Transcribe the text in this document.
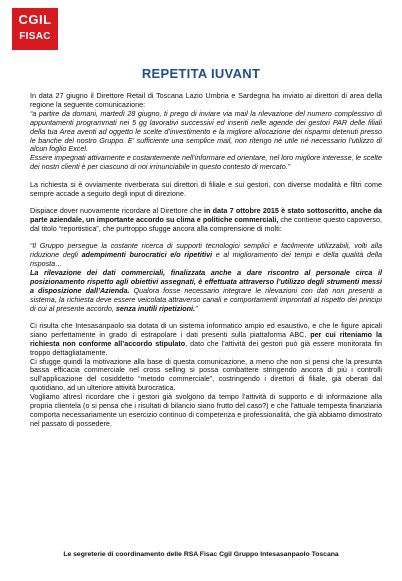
CGIL
FISAC
REPETITA IUVANT

In data 27 giugno il Direttore Retail di Toscana Lazio Umbria e Sardegna ha inviato ai direttori di area della regione la seguente comunicazione:

“a partire da domani, martedì 28 giugno, ti prego di inviare via mail la rilevazione del numero complessivo di appuntamenti programmati nei 5 gg lavorativi successivi ed inseriti nelle agende dei gestori PAR delle filiali della tua Area aventi ad oggetto le scelte d’investimento e la migliore allocazione dei risparmi detenuti presso le banche del nostro Gruppo. E’ sufficiente una semplice mail, non ritengo né utile né necessario l’utilizzo di alcun foglio Excel.

Essere impegnati attivamente e costantemente nell’informare ed orientare, nel loro migliore interesse, le scelte dei nostri clienti è per ciascuno di noi irrinunciabile in questo contesto di mercato.”

La richiesta si è ovviamente riverberata sui direttori di filiale e sui gestori, con diverse modalità e filtri come sempre accade a seguito degli input di direzione.

Dispiace dover nuovamente ricordare al Direttore che in data 7 ottobre 2015 è stato sottoscritto, anche da parte aziendale, un importante accordo su clima e politiche commerciali, che contiene questo capoverso, dal titolo “reportistica”, che purtroppo sfugge ancora alla comprensione di molti:

“Il Gruppo persegue la costante ricerca di supporti tecnologici semplici e facilmente utilizzabili, volti alla riduzione degli adempimenti burocratici e/o ripetitivi e al miglioramento dei tempi e della qualità della risposta…

La rilevazione dei dati commerciali, finalizzata anche a dare riscontro al personale circa il posizionamento rispetto agli obiettivi assegnati, è effettuata attraverso l’utilizzo degli strumenti messi a disposizione dall’Azienda. Qualora fosse necessario integrare le rilevazioni con dati non presenti a sistema, la richiesta deve essere veicolata attraverso canali e comportamenti improntati al rispetto dei principi di cui al presente accordo, senza inutili ripetizioni.”

Ci risulta che Intesasanpaolo sia dotata di un sistema informatico ampio ed esaustivo, e che le figure apicali siano perfettamente in grado di estrapolare i dati presenti sulla piattaforma ABC, per cui riteniamo la richiesta non conforme all’accordo stipulato, dato che l’attività dei gestori può già essere monitorata fin troppo dettagliatamente.

Ci sfugge quindi la motivazione alla base di questa comunicazione, a meno che non si pensi che la presunta bassa efficacia commerciale nel cross selling si possa combattere stringendo ancora di più i controlli sull’applicazione del cosiddetto “metodo commerciale”, costringendo i direttori di filiale, già oberati dal quotidiano, ad un ulteriore attività burocratica.

Vogliamo altresì ricordare che i gestori già svolgono da tempo l’attività di supporto e di informazione alla propria clientela (o si pensa che i risultati di bilancio siano frutto del caso?) e che l’attuale tempesta finanziaria comporta necessariamente un esercizio continuo di competenza e professionalità, che già abbiamo dimostrato nel passato di possedere.

Le segreterie di coordinamento delle RSA Fisac Cgil Gruppo Intesasanpaolo Toscana
